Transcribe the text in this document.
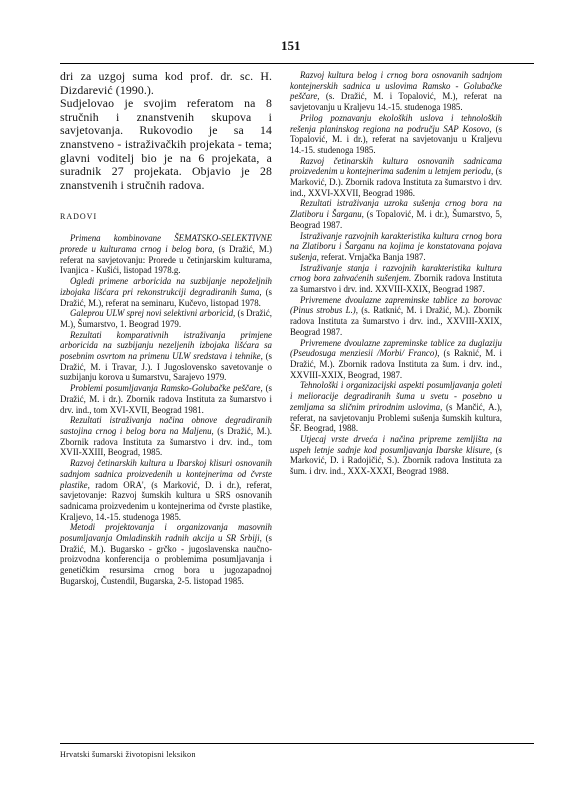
151

dri za uzgoj suma kod prof. dr. sc. H. Dizdarević (1990.).

Sudjelovao je svojim referatom na 8 stručnih i znanstvenih skupova i savjetovanja. Rukovodio je sa 14 znanstveno - istraživačkih projekata - tema; glavni voditelj bio je na 6 projekata, a suradnik 27 projekata. Objavio je 28 znanstvenih i stručnih radova.

RADOVI

Primena kombinovane ŠEMATSKO-SELEKTIVNE prorede u kulturama crnog i belog bora, (s Dražić, M.) referat na savjetovanju: Prorede u četinjarskim kulturama, Ivanjica - Kušići, listopad 1978.g.

Ogledi primene arboricida na suzbijanje nepoželjnih izbojaka lišćara pri rekonstrukciji degradiranih šuma, (s Dražić, M.), referat na seminaru, Kučevo, listopad 1978.

Galeprou ULW sprej novi selektivni arboricid, (s Dražić, M.), Šumarstvo, 1. Beograd 1979.

Rezultati komparativnih istraživanja primjene arboricida na suzbijanju nezeljenih izbojaka lišćara sa posebnim osvrtom na primenu ULW sredstava i tehnike, (s Dražić, M. i Travar, J.). I Jugoslovensko savetovanje o suzbijanju korova u šumarstvu, Sarajevo 1979.

Problemi posumljavanja Ramsko-Golubačke peščare, (s Dražić, M. i dr.). Zbornik radova Instituta za šumarstvo i drv. ind., tom XVI-XVII, Beograd 1981.

Rezultati istraživanja načina obnove degradiranih sastojina crnog i belog bora na Maljenu, (s Dražić, M.). Zbornik radova Instituta za šumarstvo i drv. ind., tom XVII-XXIII, Beograd, 1985.

Razvoj četinarskih kultura u Ibarskoj klisuri osnovanih sadnjom sadnica proizvedenih u kontejnerima od čvrste plastike, radom ORA', (s Marković, D. i dr.), referat, savjetovanje: Razvoj šumskih kultura u SRS osnovanih sadnicama proizvedenim u kontejnerima od čvrste plastike, Kraljevo, 14.-15. studenoga 1985.

Metodi projektovanja i organizovanja masovnih posumljavanja Omladinskih radnih akcija u SR Srbiji, (s Dražić, M.). Bugarsko - grčko - jugoslavenska naučno-proizvodna konferencija o problemima posumljavanja i genetičkim resursima crnog bora u jugozapadnoj Bugarskoj, Čustendil, Bugarska, 2-5. listopad 1985.

Razvoj kultura belog i crnog bora osnovanih sadnjom kontejnerskih sadnica u uslovima Ramsko - Golubačke peščare, (s. Dražić, M. i Topalović, M.), referat na savjetovanju u Kraljevu 14.-15. studenoga 1985.

Prilog poznavanju ekoloških uslova i tehnoloških rešenja planinskog regiona na području SAP Kosovo, (s Topalović, M. i dr.), referat na savjetovanju u Kraljevu 14.-15. studenoga 1985.

Razvoj četinarskih kultura osnovanih sadnicama proizvedenim u kontejnerima sađenim u letnjem periodu, (s Marković, D.). Zbornik radova Instituta za šumarstvo i drv. ind., XXVI-XXVII, Beograd 1986.

Rezultati istraživanja uzroka sušenja crnog bora na Zlatiboru i Šarganu, (s Topalović, M. i dr.), Šumarstvo, 5, Beograd 1987.

Istraživanje razvojnih karakteristika kultura crnog bora na Zlatiboru i Šarganu na kojima je konstatovana pojava sušenja, referat. Vrnjačka Banja 1987.

Istraživanje stanja i razvojnih karakteristika kultura crnog bora zahvaćenih sušenjem. Zbornik radova Instituta za šumarstvo i drv. ind. XXVIII-XXIX, Beograd 1987.

Privremene dvoulazne zapreminske tablice za borovac (Pinus strobus L.), (s. Ratknić, M. i Dražić, M.). Zbornik radova Instituta za šumarstvo i drv. ind., XXVIII-XXIX, Beograd 1987.

Privremene dvoulazne zapreminske tablice za duglaziju (Pseudosuga menziesii /Morbi/ Franco), (s Raknić, M. i Dražić, M.). Zbornik radova Instituta za šum. i drv. ind., XXVIII-XXIX, Beograd, 1987.

Tehnološki i organizacijski aspekti posumljavanja goleti i melioracije degradiranih šuma u svetu - posebno u zemljama sa sličnim prirodnim uslovima, (s Mančić, A.), referat, na savjetovanju Problemi sušenja šumskih kultura, ŠF. Beograd, 1988.

Utjecaj vrste drveća i načina pripreme zemljišta na uspeh letnje sadnje kod posumljavanja Ibarske klisure, (s Marković, D. i Radojičić, S.). Zbornik radova Instituta za šum. i drv. ind., XXX-XXXI, Beograd 1988.

Hrvatski šumarski životopisni leksikon
